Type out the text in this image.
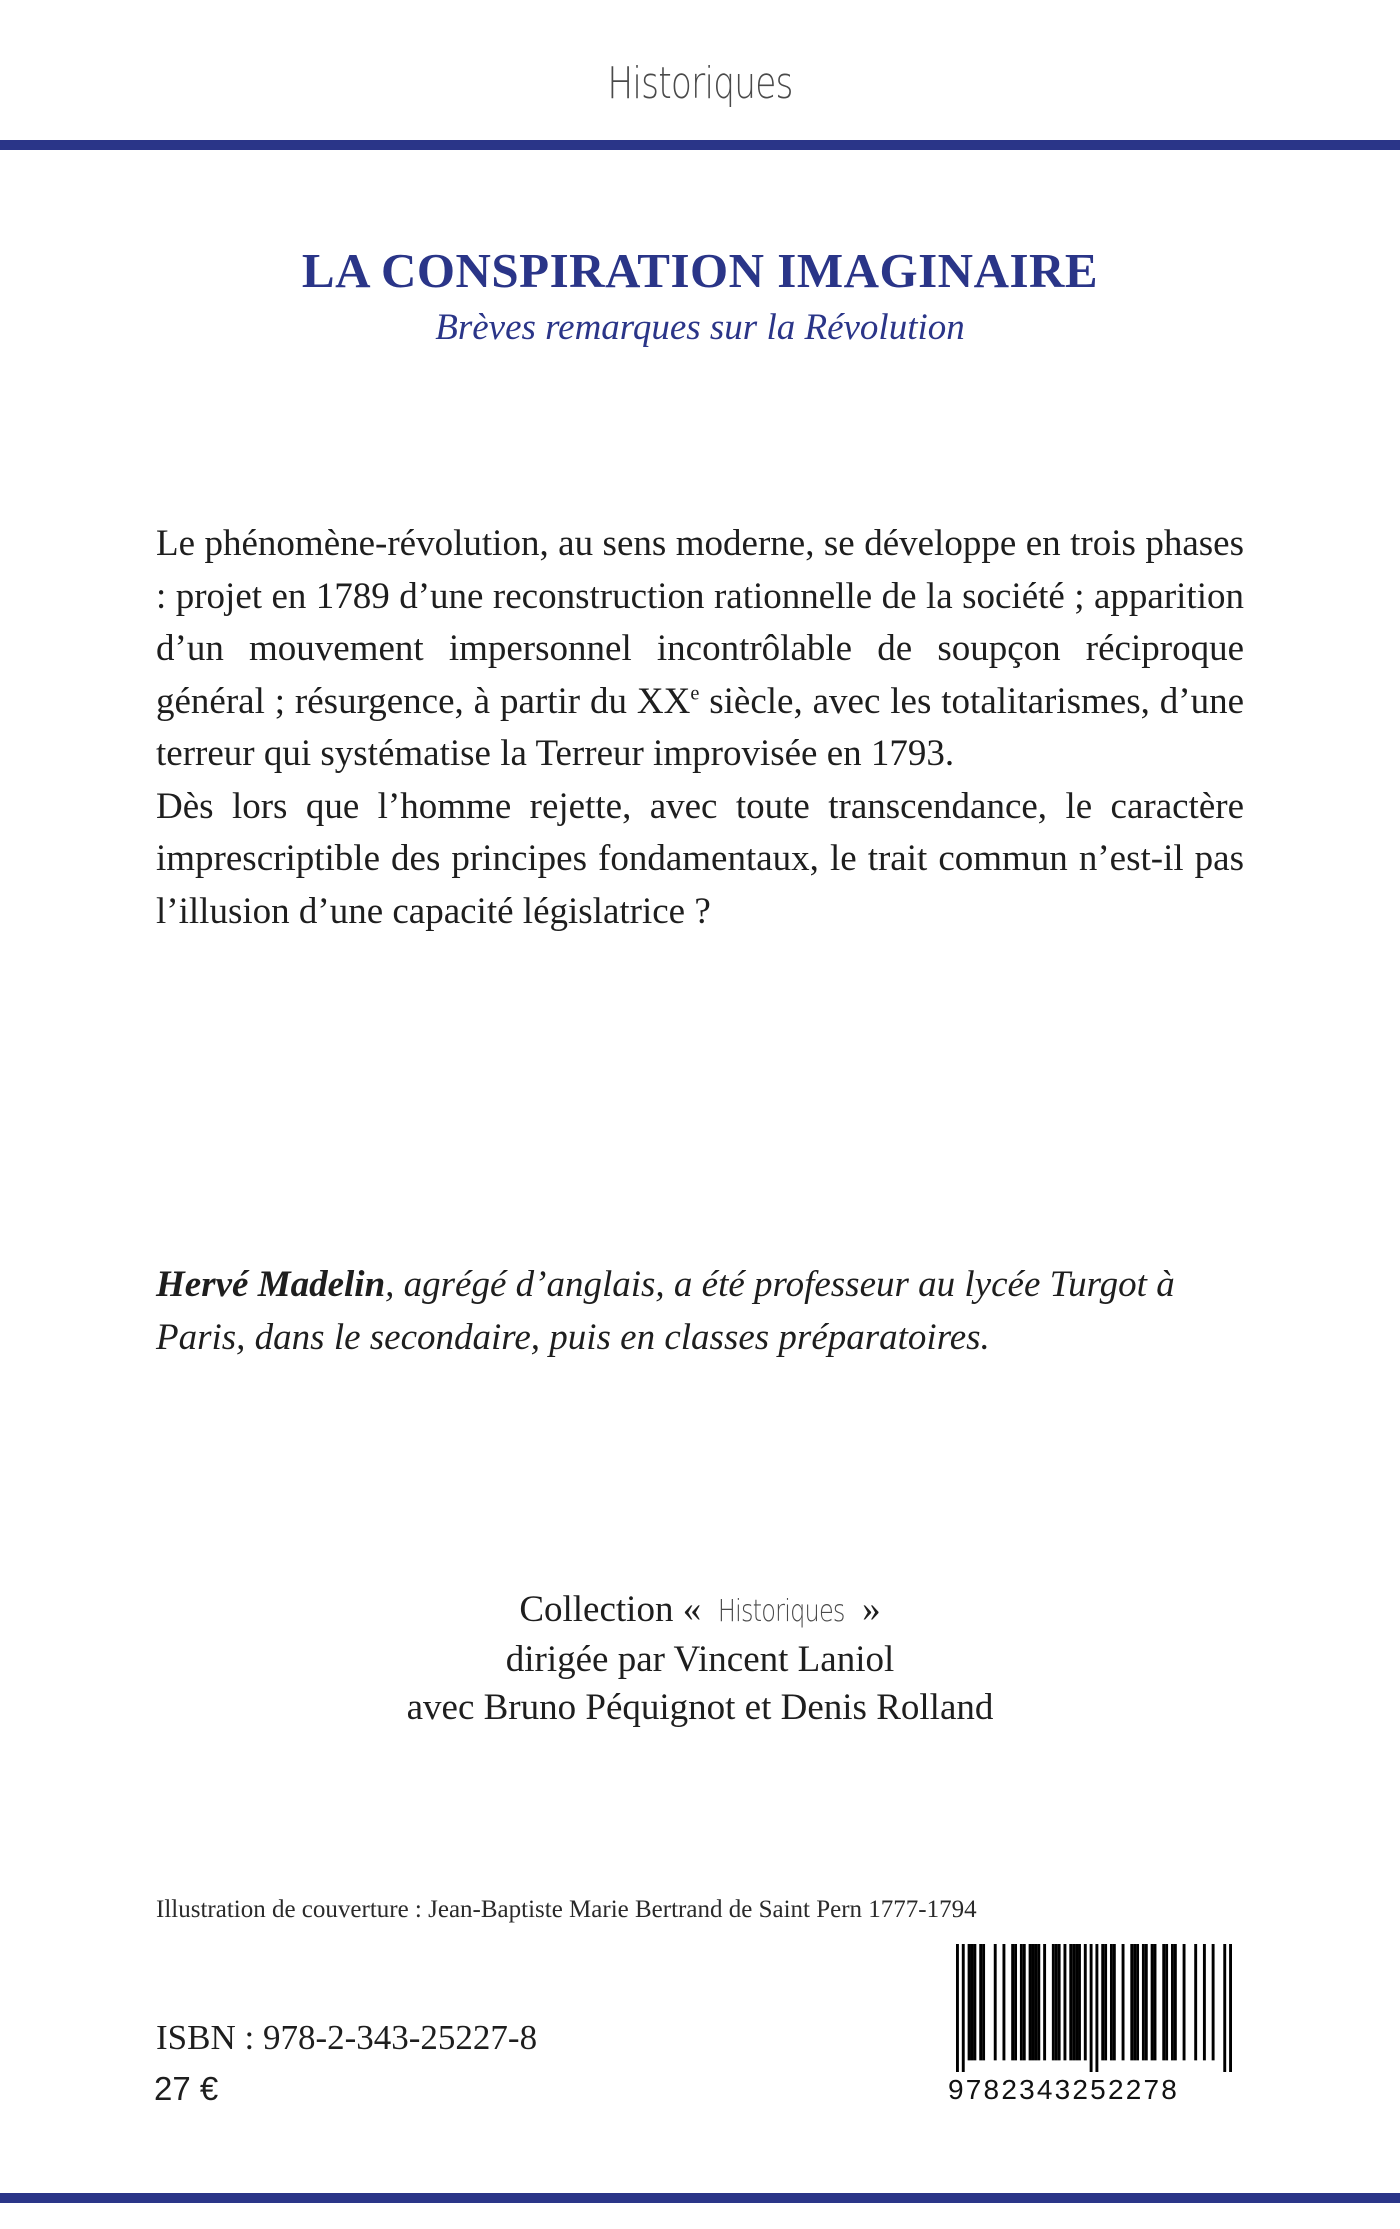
Historiques
LA CONSPIRATION IMAGINAIRE
Brèves remarques sur la Révolution

Le phénomène-révolution, au sens moderne, se développe en trois phases : projet en 1789 d’une reconstruction rationnelle de la société ; apparition d’un mouvement impersonnel incontrôlable de soupçon réciproque général ; résurgence, à partir du XXe siècle, avec les totalitarismes, d’une terreur qui systématise la Terreur improvisée en 1793.

Dès lors que l’homme rejette, avec toute transcendance, le caractère imprescriptible des principes fondamentaux, le trait commun n’est-il pas l’illusion d’une capacité législatrice ?

Hervé Madelin, agrégé d’anglais, a été professeur au lycée Turgot à Paris, dans le secondaire, puis en classes préparatoires.
Collection « Historiques »
dirigée par Vincent Laniol
avec Bruno Péquignot et Denis Rolland
Illustration de couverture : Jean-Baptiste Marie Bertrand de Saint Pern 1777-1794
9782343252278
ISBN : 978-2-343-25227-8
27 €
